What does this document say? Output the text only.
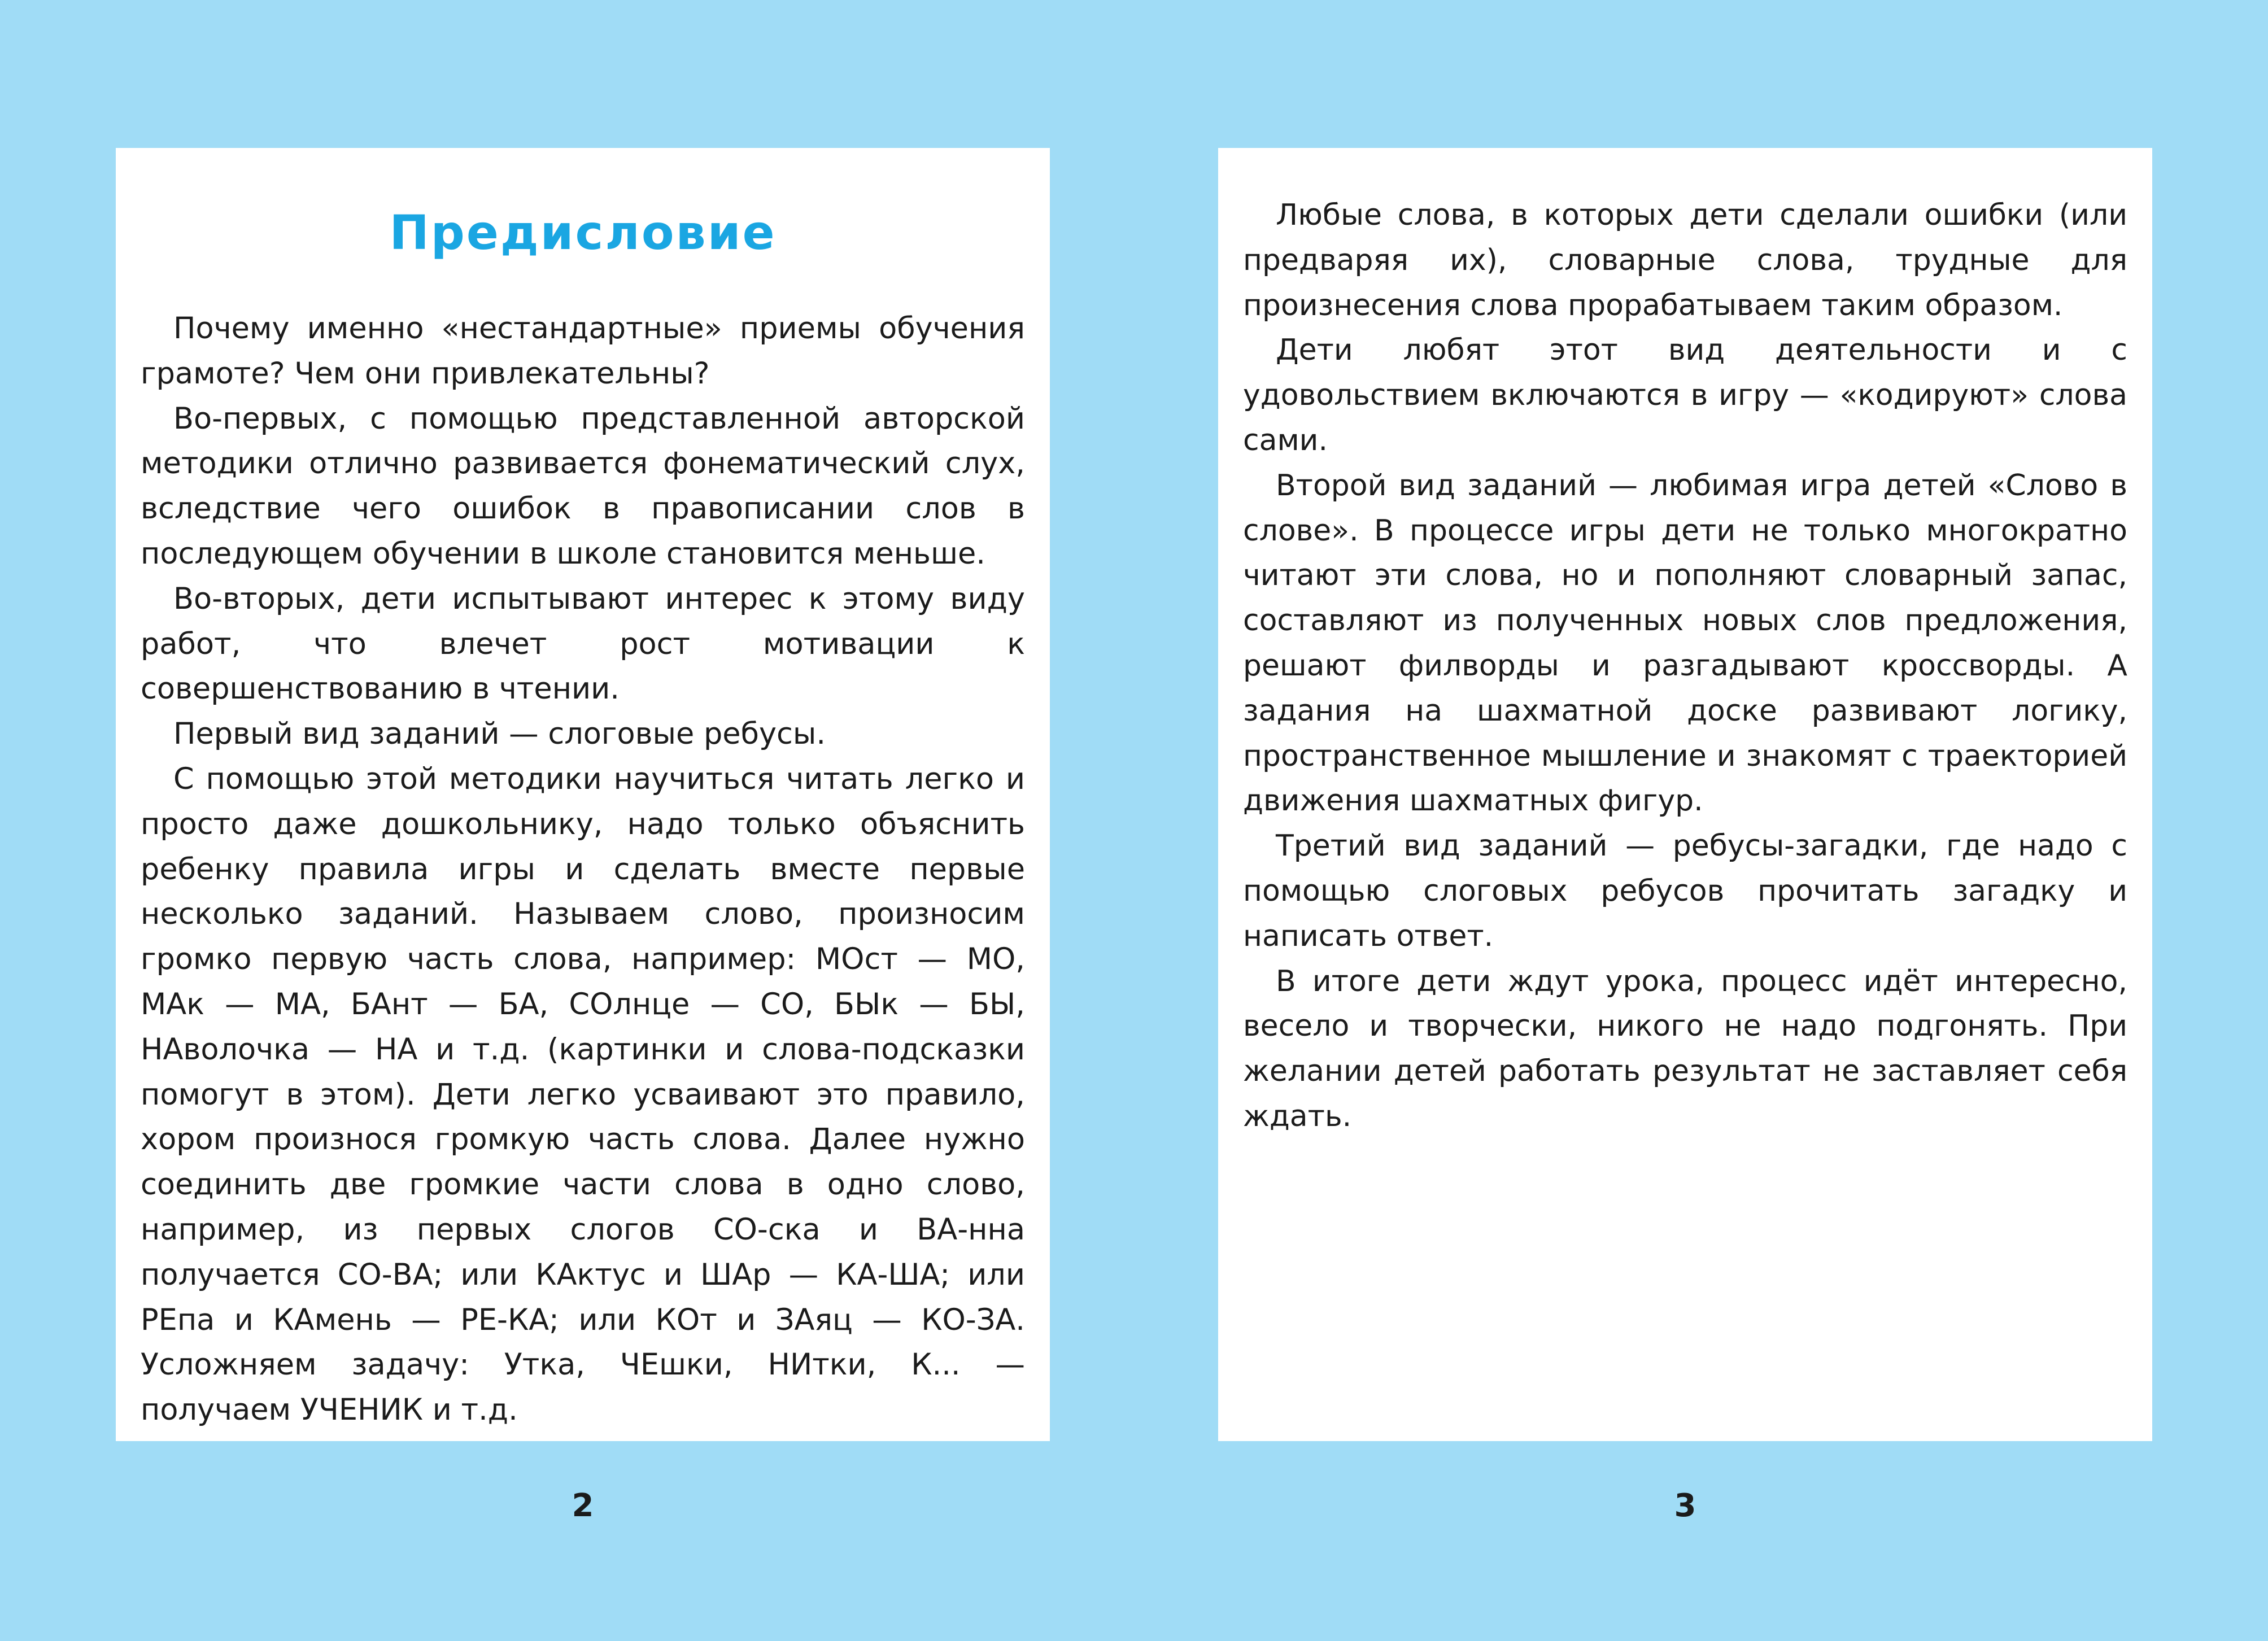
Предисловие

Почему именно «нестандартные» приемы обучения грамоте? Чем они привлекательны?

Во-первых, с помощью представленной авторской методики отлично развивается фонематический слух, вследствие чего ошибок в правописании слов в последующем обучении в школе становится меньше.

Во-вторых, дети испытывают интерес к этому виду работ, что влечет рост мотивации к совершенствованию в чтении.

Первый вид заданий — слоговые ребусы.

С помощью этой методики научиться читать легко и просто даже дошкольнику, надо только объяснить ребенку правила игры и сделать вместе первые несколько заданий. Называем слово, произносим громко первую часть слова, например: МОст — МО, МАк — МА, БАнт — БА, СОлнце — СО, БЫк — БЫ, НАволочка — НА и т.д. (картинки и слова-подсказки помогут в этом). Дети легко усваивают это правило, хором произнося громкую часть слова. Далее нужно соединить две громкие части слова в одно слово, например, из первых слогов СО-ска и ВА-нна получается СО-ВА; или КАктус и ШАр — КА-ША; или РЕпа и КАмень — РЕ-КА; или КОт и ЗАяц — КО-ЗА. Усложняем задачу: Утка, ЧЕшки, НИтки, К... — получаем УЧЕНИК и т.д.

Любые слова, в которых дети сделали ошибки (или предваряя их), словарные слова, трудные для произнесения слова прорабатываем таким образом.

Дети любят этот вид деятельности и с удовольствием включаются в игру — «кодируют» слова сами.

Второй вид заданий — любимая игра детей «Слово в слове». В процессе игры дети не только многократно читают эти слова, но и пополняют словарный запас, составляют из полученных новых слов предложения, решают филворды и разгадывают кроссворды. А задания на шахматной доске развивают логику, пространственное мышление и знакомят с траекторией движения шахматных фигур.

Третий вид заданий — ребусы-загадки, где надо с помощью слоговых ребусов прочитать загадку и написать ответ.

В итоге дети ждут урока, процесс идёт интересно, весело и творчески, никого не надо подгонять. При желании детей работать результат не заставляет себя ждать.

2	3
